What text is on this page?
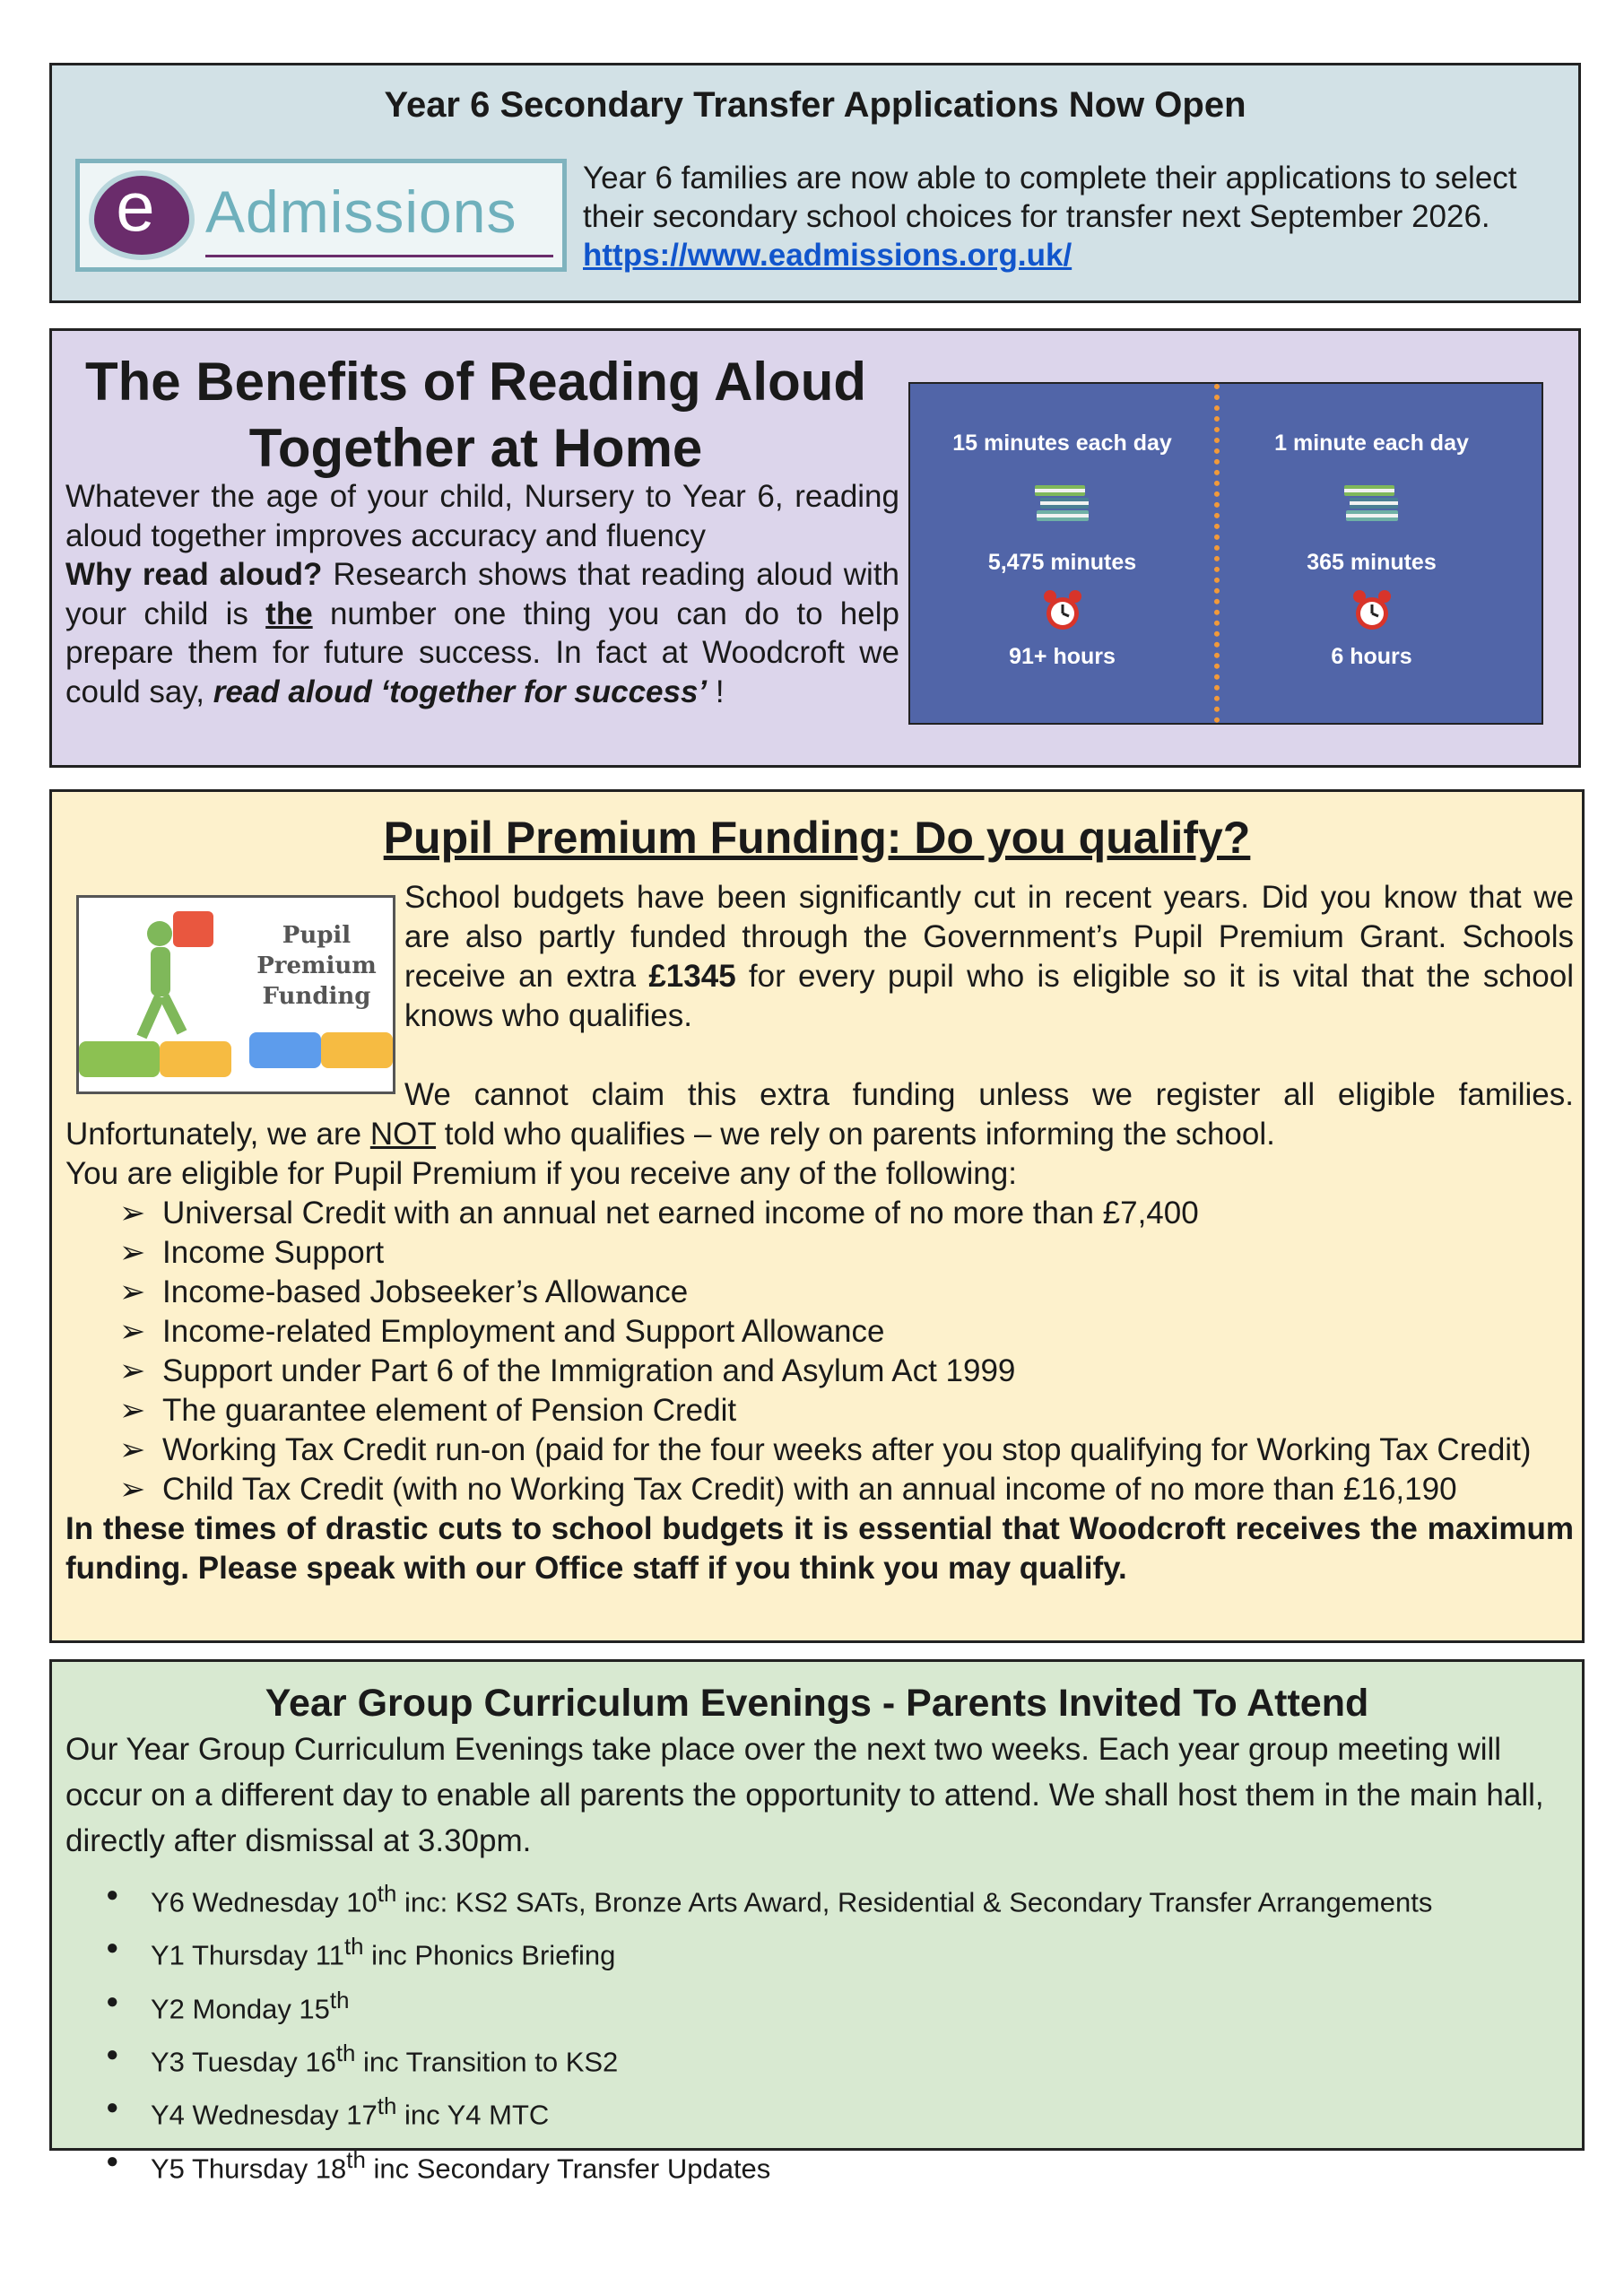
Year 6 Secondary Transfer Applications Now Open
e Admissions
Year 6 families are now able to complete their applications to select their secondary school choices for transfer next September 2026.
https://www.eadmissions.org.uk/
The Benefits of Reading Aloud Together at Home
Whatever the age of your child, Nursery to Year 6, reading aloud together improves accuracy and fluency
Why read aloud? Research shows that reading aloud with your child is the number one thing you can do to help prepare them for future success. In fact at Woodcroft we could say, read aloud ‘together for success’ !
15 minutes each day
5,475 minutes
91+ hours
1 minute each day
365 minutes
6 hours
Pupil Premium Funding: Do you qualify?
Pupil
Premium
Funding

School budgets have been significantly cut in recent years. Did you know that we are also partly funded through the Government’s Pupil Premium Grant. Schools receive an extra £1345 for every pupil who is eligible so it is vital that the school knows who qualifies.

We cannot claim this extra funding unless we register all eligible families. Unfortunately, we are NOT told who qualifies – we rely on parents informing the school.

You are eligible for Pupil Premium if you receive any of the following:

➢ Universal Credit with an annual net earned income of no more than £7,400
➢ Income Support
➢ Income-based Jobseeker’s Allowance
➢ Income-related Employment and Support Allowance
➢ Support under Part 6 of the Immigration and Asylum Act 1999
➢ The guarantee element of Pension Credit
➢ Working Tax Credit run-on (paid for the four weeks after you stop qualifying for Working Tax Credit)
➢ Child Tax Credit (with no Working Tax Credit) with an annual income of no more than £16,190

In these times of drastic cuts to school budgets it is essential that Woodcroft receives the maximum funding. Please speak with our Office staff if you think you may qualify.

Year Group Curriculum Evenings - Parents Invited To Attend
Our Year Group Curriculum Evenings take place over the next two weeks. Each year group meeting will occur on a different day to enable all parents the opportunity to attend. We shall host them in the main hall, directly after dismissal at 3.30pm.
● Y6 Wednesday 10th inc: KS2 SATs, Bronze Arts Award, Residential & Secondary Transfer Arrangements
● Y1 Thursday 11th inc Phonics Briefing
● Y2 Monday 15th
● Y3 Tuesday 16th inc Transition to KS2
● Y4 Wednesday 17th inc Y4 MTC
● Y5 Thursday 18th inc Secondary Transfer Updates
